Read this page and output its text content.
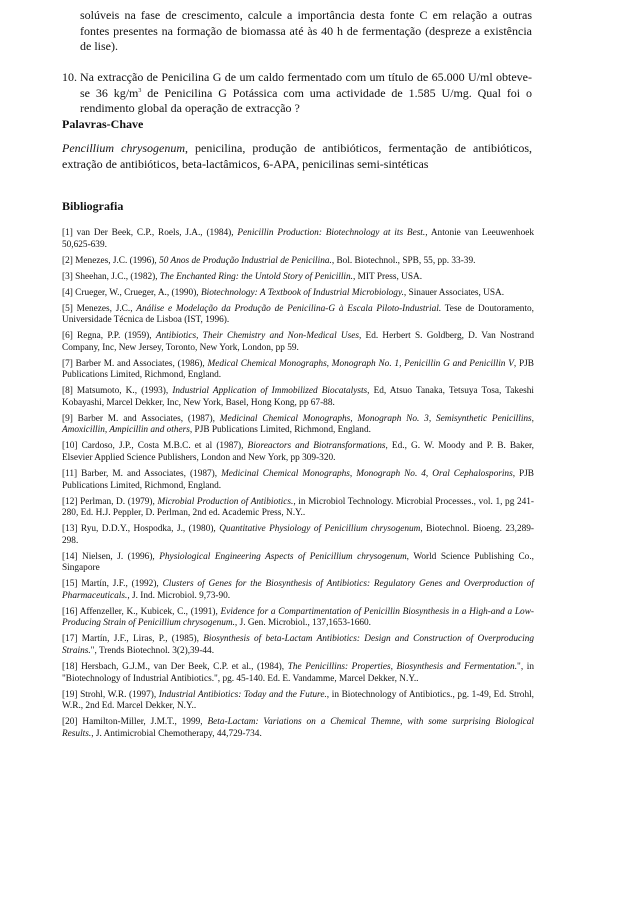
solúveis na fase de crescimento, calcule a importância desta fonte C em relação a outras fontes presentes na formação de biomassa até às 40 h de fermentação (despreze a existência de lise).
10. Na extracção de Penicilina G de um caldo fermentado com um título de 65.000 U/ml obteve-se 36 $kg/m^3$ de Penicilina G Potássica com uma actividade de 1.585 U/mg. Qual foi o rendimento global da operação de extracção ?
Palavras-Chave
Pencillium chrysogenum, penicilina, produção de antibióticos, fermentação de antibióticos, extração de antibióticos, beta-lactâmicos, 6-APA, penicilinas semi-sintéticas
Bibliografia

[1] van Der Beek, C.P., Roels, J.A., (1984), Penicillin Production: Biotechnology at its Best., Antonie van Leeuwenhoek 50,625-639.

[2] Menezes, J.C. (1996), 50 Anos de Produção Industrial de Penicilina., Bol. Biotechnol., SPB, 55, pp. 33-39.

[3] Sheehan, J.C., (1982), The Enchanted Ring: the Untold Story of Penicillin., MIT Press, USA.

[4] Crueger, W., Crueger, A., (1990), Biotechnology: A Textbook of Industrial Microbiology., Sinauer Associates, USA.

[5] Menezes, J.C., Análise e Modelação da Produção de Penicilina-G à Escala Piloto-Industrial. Tese de Doutoramento, Universidade Técnica de Lisboa (IST, 1996).

[6] Regna, P.P. (1959), Antibiotics, Their Chemistry and Non-Medical Uses, Ed. Herbert S. Goldberg, D. Van Nostrand Company, Inc, New Jersey, Toronto, New York, London, pp 59.

[7] Barber M. and Associates, (1986), Medical Chemical Monographs, Monograph No. 1, Penicillin G and Penicillin V, PJB Publications Limited, Richmond, England.

[8] Matsumoto, K., (1993), Industrial Application of Immobilized Biocatalysts, Ed, Atsuo Tanaka, Tetsuya Tosa, Takeshi Kobayashi, Marcel Dekker, Inc, New York, Basel, Hong Kong, pp 67-88.

[9] Barber M. and Associates, (1987), Medicinal Chemical Monographs, Monograph No. 3, Semisynthetic Penicillins, Amoxicillin, Ampicillin and others, PJB Publications Limited, Richmond, England.

[10] Cardoso, J.P., Costa M.B.C. et al (1987), Bioreactors and Biotransformations, Ed., G. W. Moody and P. B. Baker, Elsevier Applied Science Publishers, London and New York, pp 309-320.

[11] Barber, M. and Associates, (1987), Medicinal Chemical Monographs, Monograph No. 4, Oral Cephalosporins, PJB Publications Limited, Richmond, England.

[12] Perlman, D. (1979), Microbial Production of Antibiotics., in Microbiol Technology. Microbial Processes., vol. 1, pg 241-280, Ed. H.J. Peppler, D. Perlman, 2nd ed. Academic Press, N.Y..

[13] Ryu, D.D.Y., Hospodka, J., (1980), Quantitative Physiology of Penicillium chrysogenum, Biotechnol. Bioeng. 23,289-298.

[14] Nielsen, J. (1996), Physiological Engineering Aspects of Penicillium chrysogenum, World Science Publishing Co., Singapore

[15] Martín, J.F., (1992), Clusters of Genes for the Biosynthesis of Antibiotics: Regulatory Genes and Overproduction of Pharmaceuticals., J. Ind. Microbiol. 9,73-90.

[16] Affenzeller, K., Kubicek, C., (1991), Evidence for a Compartimentation of Penicillin Biosynthesis in a High-and a Low-Producing Strain of Penicillium chrysogenum., J. Gen. Microbiol., 137,1653-1660.

[17] Martín, J.F., Liras, P., (1985), Biosynthesis of beta-Lactam Antibiotics: Design and Construction of Overproducing Strains.", Trends Biotechnol. 3(2),39-44.

[18] Hersbach, G.J.M., van Der Beek, C.P. et al., (1984), The Penicillins: Properties, Biosynthesis and Fermentation.", in "Biotechnology of Industrial Antibiotics.", pg. 45-140. Ed. E. Vandamme, Marcel Dekker, N.Y..

[19] Strohl, W.R. (1997), Industrial Antibiotics: Today and the Future., in Biotechnology of Antibiotics., pg. 1-49, Ed. Strohl, W.R., 2nd Ed. Marcel Dekker, N.Y..

[20] Hamilton-Miller, J.M.T., 1999, Beta-Lactam: Variations on a Chemical Themne, with some surprising Biological Results., J. Antimicrobial Chemotherapy, 44,729-734.
